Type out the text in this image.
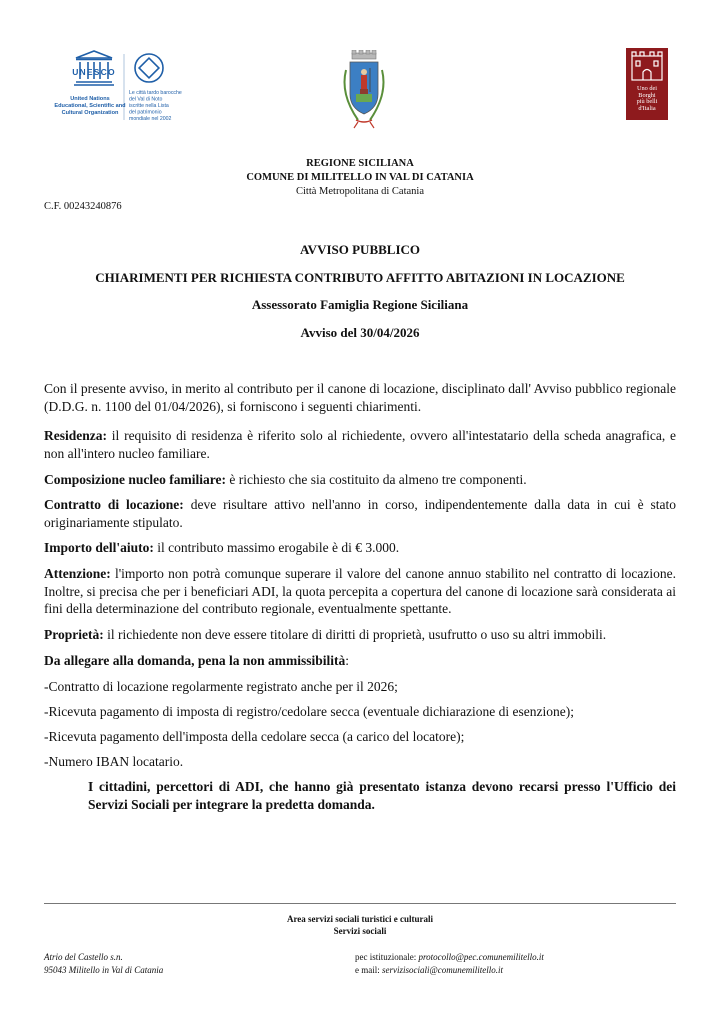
UNESCO
United Nations
Educational, Scientific and
Cultural Organization
Le città tardo barocche
del Val di Noto
iscritte nella Lista
del patrimonio
mondiale nel 2002
Uno dei
Borghi
più belli
d'Italia
REGIONE SICILIANA
COMUNE DI MILITELLO IN VAL DI CATANIA
Città Metropolitana di Catania
C.F. 00243240876
AVVISO PUBBLICO
CHIARIMENTI PER RICHIESTA CONTRIBUTO AFFITTO ABITAZIONI IN LOCAZIONE
Assessorato Famiglia Regione Siciliana
Avviso del 30/04/2026
Con il presente avviso, in merito al contributo per il canone di locazione, disciplinato dall' Avviso pubblico regionale (D.D.G. n. 1100 del 01/04/2026), si forniscono i seguenti chiarimenti.
Residenza: il requisito di residenza è riferito solo al richiedente, ovvero all'intestatario della scheda anagrafica, e non all'intero nucleo familiare.
Composizione nucleo familiare: è richiesto che sia costituito da almeno tre componenti.
Contratto di locazione: deve risultare attivo nell'anno in corso, indipendentemente dalla data in cui è stato originariamente stipulato.
Importo dell'aiuto: il contributo massimo erogabile è di € 3.000.
Attenzione: l'importo non potrà comunque superare il valore del canone annuo stabilito nel contratto di locazione. Inoltre, si precisa che per i beneficiari ADI, la quota percepita a copertura del canone di locazione sarà considerata ai fini della determinazione del contributo regionale, eventualmente spettante.
Proprietà: il richiedente non deve essere titolare di diritti di proprietà, usufrutto o uso su altri immobili.
Da allegare alla domanda, pena la non ammissibilità:
-Contratto di locazione regolarmente registrato anche per il 2026;
-Ricevuta pagamento di imposta di registro/cedolare secca (eventuale dichiarazione di esenzione);
-Ricevuta pagamento dell'imposta della cedolare secca (a carico del locatore);
-Numero IBAN locatario.
I cittadini, percettori di ADI, che hanno già presentato istanza devono recarsi presso l'Ufficio dei Servizi Sociali per integrare la predetta domanda.
Area servizi sociali turistici e culturali
Servizi sociali
Atrio del Castello s.n.
95043 Militello in Val di Catania
pec istituzionale: protocollo@pec.comunemilitello.it
e mail: servizisociali@comunemilitello.it
